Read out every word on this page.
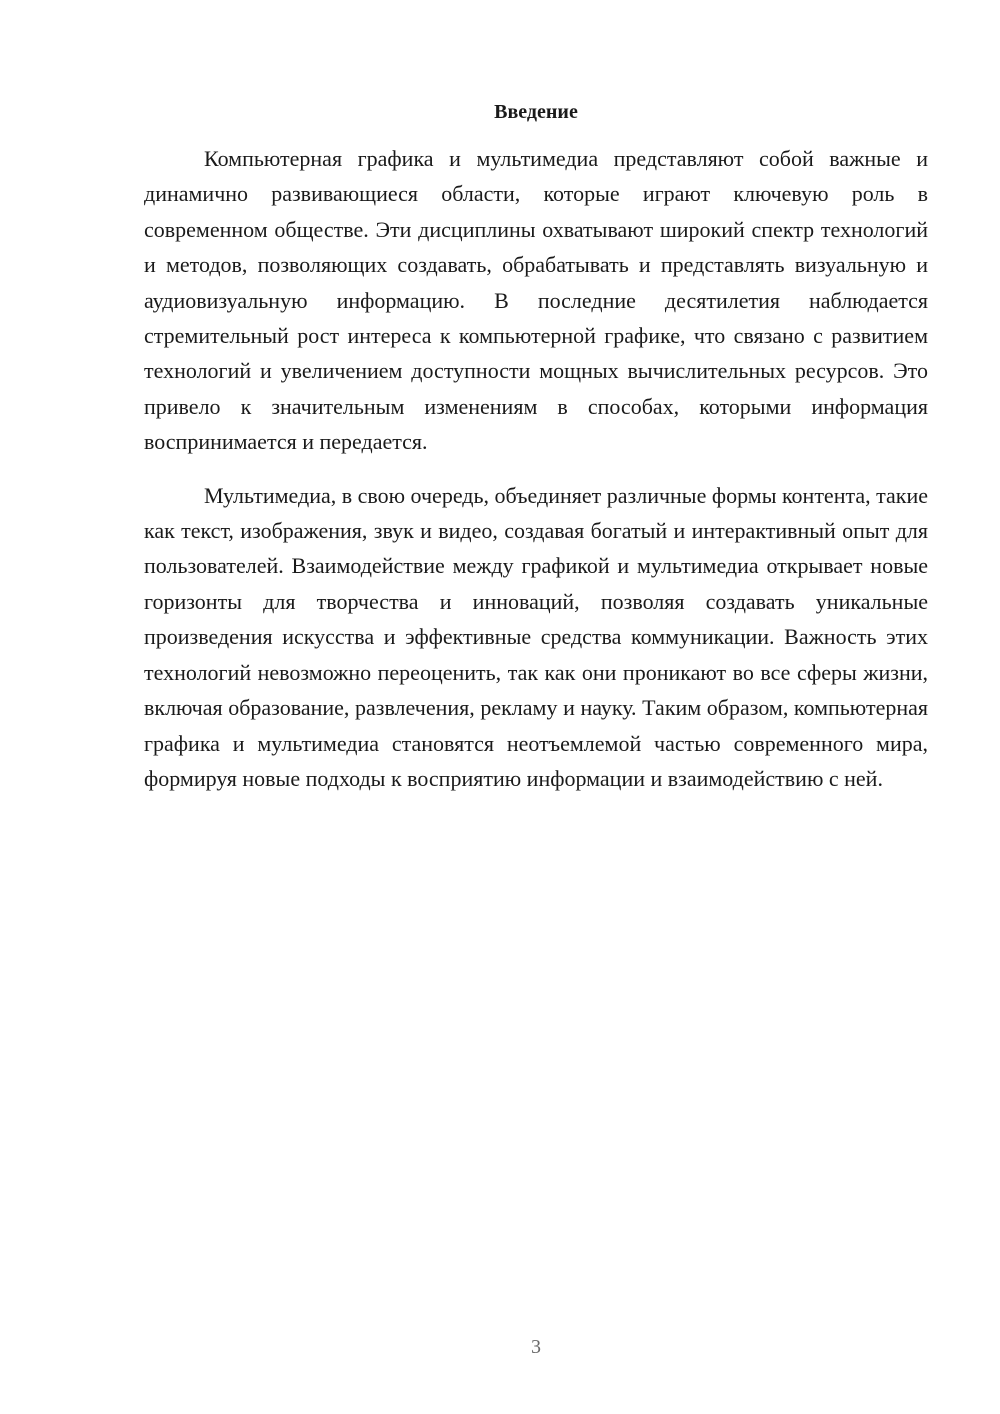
Введение

Компьютерная графика и мультимедиа представляют собой важные и динамично развивающиеся области, которые играют ключевую роль в современном обществе. Эти дисциплины охватывают широкий спектр технологий и методов, позволяющих создавать, обрабатывать и представлять визуальную и аудиовизуальную информацию. В последние десятилетия наблюдается стремительный рост интереса к компьютерной графике, что связано с развитием технологий и увеличением доступности мощных вычислительных ресурсов. Это привело к значительным изменениям в способах, которыми информация воспринимается и передается.

Мультимедиа, в свою очередь, объединяет различные формы контента, такие как текст, изображения, звук и видео, создавая богатый и интерактивный опыт для пользователей. Взаимодействие между графикой и мультимедиа открывает новые горизонты для творчества и инноваций, позволяя создавать уникальные произведения искусства и эффективные средства коммуникации. Важность этих технологий невозможно переоценить, так как они проникают во все сферы жизни, включая образование, развлечения, рекламу и науку. Таким образом, компьютерная графика и мультимедиа становятся неотъемлемой частью современного мира, формируя новые подходы к восприятию информации и взаимодействию с ней.

3
